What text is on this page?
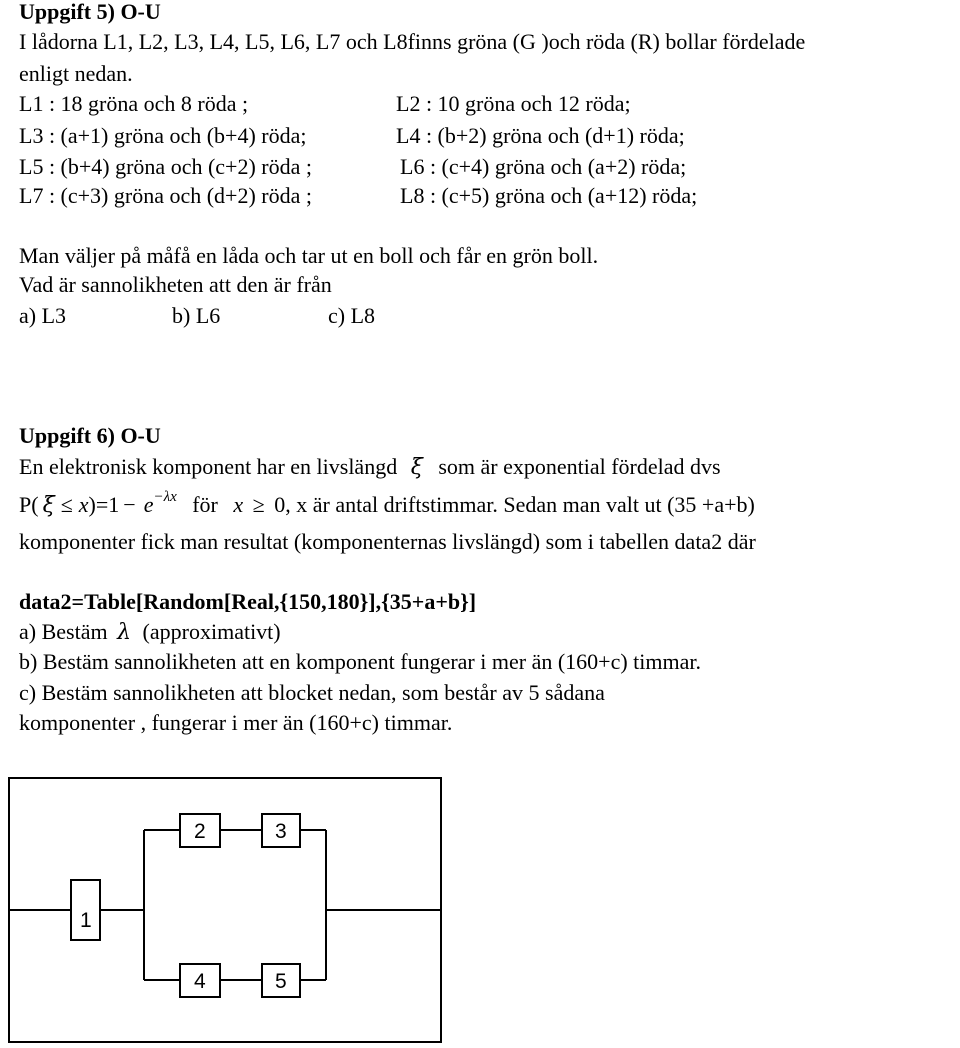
Uppgift 5) O-U
I lådorna L1, L2, L3, L4, L5, L6, L7 och L8finns gröna (G )och röda (R) bollar fördelade
enligt nedan.
L1 : 18 gröna och 8 röda ;	L2 : 10 gröna och 12 röda;
L3 : (a+1) gröna och (b+4) röda;	L4 : (b+2) gröna och (d+1) röda;
L5 : (b+4) gröna och (c+2) röda ;	L6 : (c+4) gröna och (a+2) röda;
L7 : (c+3) gröna och (d+2) röda ;	L8 : (c+5) gröna och (a+12) röda;
Man väljer på måfå en låda och tar ut en boll och får en grön boll.
Vad är sannolikheten att den är från
a) L3	b) L6	c) L8
Uppgift 6) O-U
En elektronisk komponent har en livslängd ξ som är exponential fördelad dvs
P( $\xi \le x)=1 - e^{-\lambda x}$ för x ≥ 0, x är antal driftstimmar. Sedan man valt ut (35 +a+b)
komponenter fick man resultat (komponenternas livslängd) som i tabellen data2 där
data2=Table[Random[Real,{150,180}],{35+a+b}]
a) Bestäm λ (approximativt)
b) Bestäm sannolikheten att en komponent fungerar i mer än (160+c) timmar.
c) Bestäm sannolikheten att blocket nedan, som består av 5 sådana
komponenter , fungerar i mer än (160+c) timmar.
1
2	3
4	5
